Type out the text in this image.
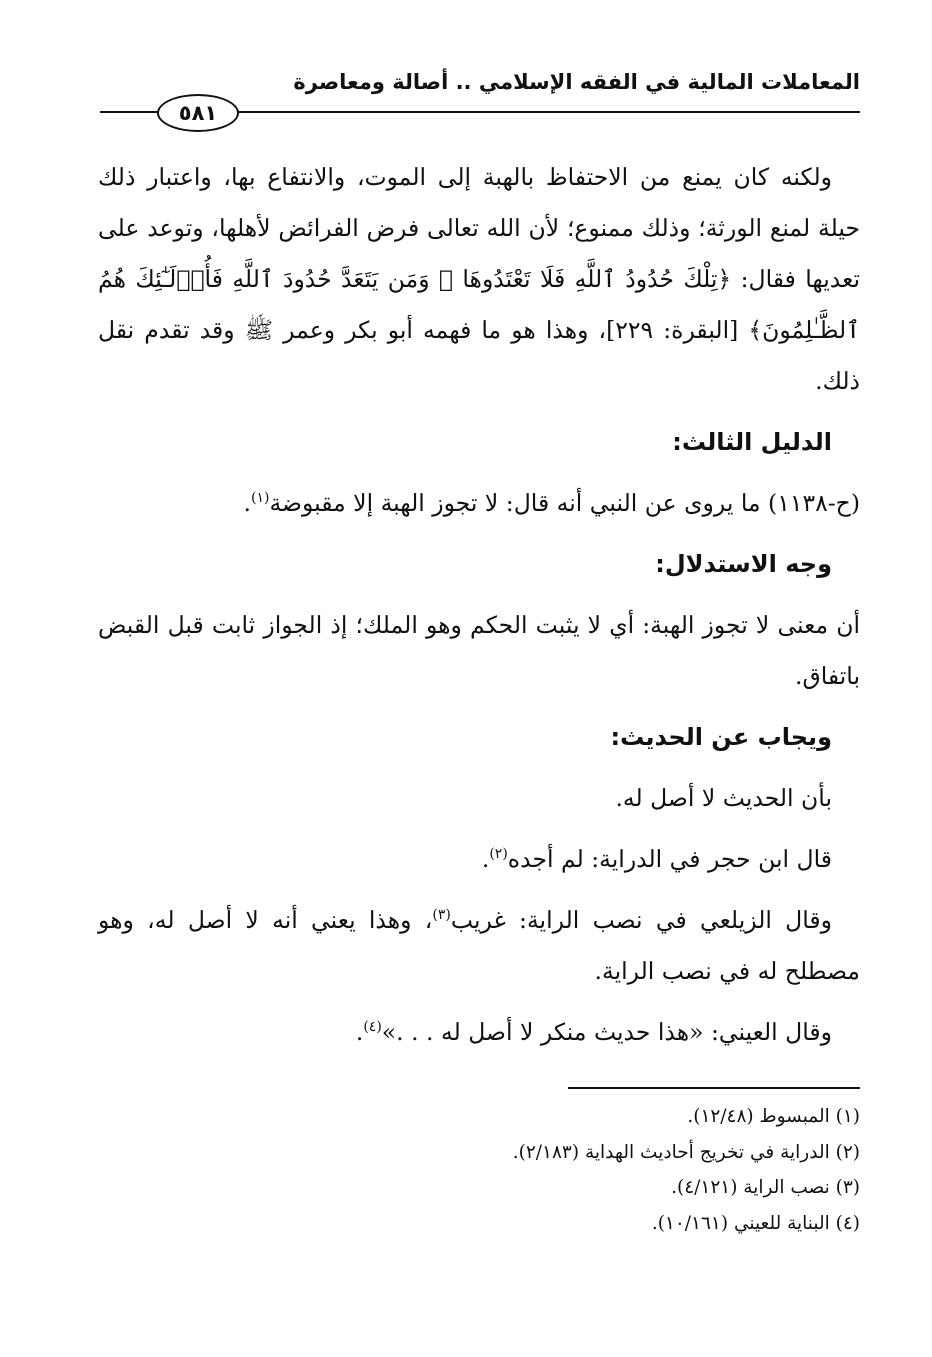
المعاملات المالية في الفقه الإسلامي .. أصالة ومعاصرة
٥٨١

ولكنه كان يمنع من الاحتفاظ بالهبة إلى الموت، والانتفاع بها، واعتبار ذلك حيلة لمنع الورثة؛ وذلك ممنوع؛ لأن الله تعالى فرض الفرائض لأهلها، وتوعد على تعديها فقال: ﴿تِلْكَ حُدُودُ ٱللَّهِ فَلَا تَعْتَدُوهَا ۚ وَمَن يَتَعَدَّ حُدُودَ ٱللَّهِ فَأُو۟لَـٰٓئِكَ هُمُ ٱلظَّـٰلِمُونَ﴾ [البقرة: ٢٢٩]، وهذا هو ما فهمه أبو بكر وعمر ﷺ وقد تقدم نقل ذلك.

الدليل الثالث:

(ح-١١٣٨) ما يروى عن النبي أنه قال: لا تجوز الهبة إلا مقبوضة$^{(١)}$.

وجه الاستدلال:

أن معنى لا تجوز الهبة: أي لا يثبت الحكم وهو الملك؛ إذ الجواز ثابت قبل القبض باتفاق.

ويجاب عن الحديث:

بأن الحديث لا أصل له.

قال ابن حجر في الدراية: لم أجده$^{(٢)}$.

وقال الزيلعي في نصب الراية: غريب$^{(٣)}$، وهذا يعني أنه لا أصل له، وهو مصطلح له في نصب الراية.

وقال العيني: «هذا حديث منكر لا أصل له . . .»$^{(٤)}$.

(١) المبسوط (١٢/٤٨).

(٢) الدراية في تخريج أحاديث الهداية (٢/١٨٣).

(٣) نصب الراية (٤/١٢١).

(٤) البناية للعيني (١٠/١٦١).
